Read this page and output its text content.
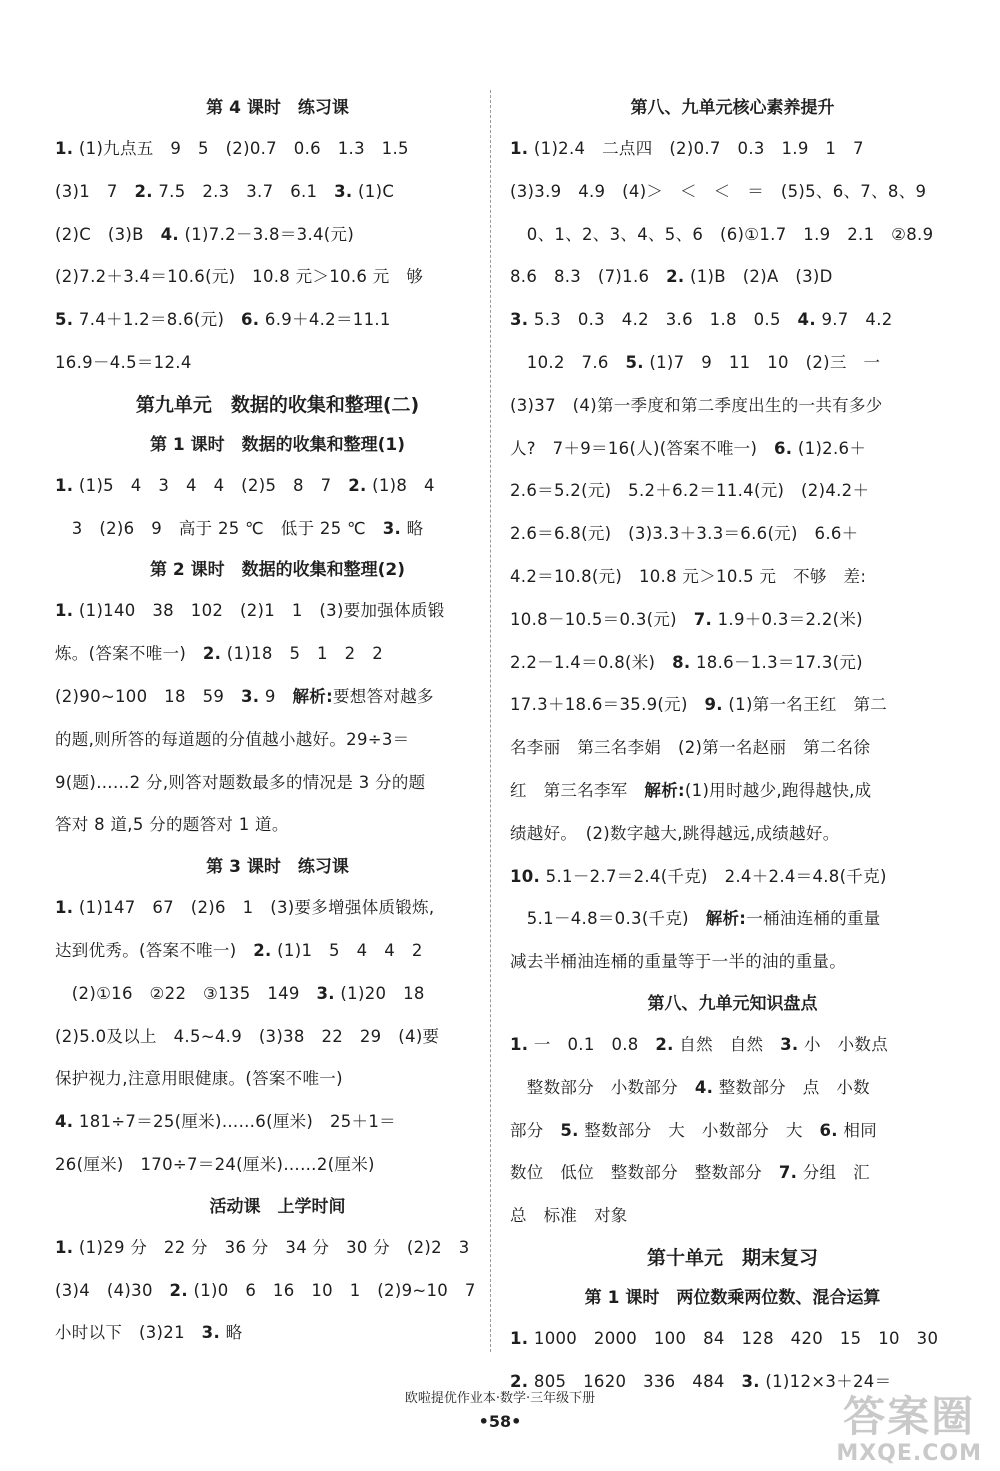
第 4 课时　练习课
1. (1)九点五　9　5　(2)0.7　0.6　1.3　1.5
(3)1　7　2. 7.5　2.3　3.7　6.1　3. (1)C
(2)C　(3)B　4. (1)7.2－3.8＝3.4(元)
(2)7.2＋3.4＝10.6(元)　10.8 元＞10.6 元　够
5. 7.4＋1.2＝8.6(元)　6. 6.9＋4.2＝11.1
16.9－4.5＝12.4
第九单元　数据的收集和整理(二)
第 1 课时　数据的收集和整理(1)
1. (1)5　4　3　4　4　(2)5　8　7　2. (1)8　4
　3　(2)6　9　高于 25 ℃　低于 25 ℃　3. 略
第 2 课时　数据的收集和整理(2)
1. (1)140　38　102　(2)1　1　(3)要加强体质锻
炼。(答案不唯一)　2. (1)18　5　1　2　2
(2)90~100　18　59　3. 9　解析:要想答对越多
的题,则所答的每道题的分值越小越好。29÷3＝
9(题)……2 分,则答对题数最多的情况是 3 分的题
答对 8 道,5 分的题答对 1 道。
第 3 课时　练习课
1. (1)147　67　(2)6　1　(3)要多增强体质锻炼,
达到优秀。(答案不唯一)　2. (1)1　5　4　4　2
　(2)①16　②22　③135　149　3. (1)20　18
(2)5.0及以上　4.5~4.9　(3)38　22　29　(4)要
保护视力,注意用眼健康。(答案不唯一)
4. 181÷7＝25(厘米)……6(厘米)　25＋1＝
26(厘米)　170÷7＝24(厘米)……2(厘米)
活动课　上学时间
1. (1)29 分　22 分　36 分　34 分　30 分　(2)2　3
(3)4　(4)30　2. (1)0　6　16　10　1　(2)9~10　7
小时以下　(3)21　3. 略
第八、九单元核心素养提升
1. (1)2.4　二点四　(2)0.7　0.3　1.9　1　7
(3)3.9　4.9　(4)＞　＜　＜　＝　(5)5、6、7、8、9
　0、1、2、3、4、5、6　(6)①1.7　1.9　2.1　②8.9
8.6　8.3　(7)1.6　2. (1)B　(2)A　(3)D
3. 5.3　0.3　4.2　3.6　1.8　0.5　4. 9.7　4.2
　10.2　7.6　5. (1)7　9　11　10　(2)三　一
(3)37　(4)第一季度和第二季度出生的一共有多少
人?　7＋9＝16(人)(答案不唯一)　6. (1)2.6＋
2.6＝5.2(元)　5.2＋6.2＝11.4(元)　(2)4.2＋
2.6＝6.8(元)　(3)3.3＋3.3＝6.6(元)　6.6＋
4.2＝10.8(元)　10.8 元＞10.5 元　不够　差:
10.8－10.5＝0.3(元)　7. 1.9＋0.3＝2.2(米)
2.2－1.4＝0.8(米)　8. 18.6－1.3＝17.3(元)
17.3＋18.6＝35.9(元)　9. (1)第一名王红　第二
名李丽　第三名李娟　(2)第一名赵丽　第二名徐
红　第三名李军　解析:(1)用时越少,跑得越快,成
绩越好。　(2)数字越大,跳得越远,成绩越好。
10. 5.1－2.7＝2.4(千克)　2.4＋2.4＝4.8(千克)
　5.1－4.8＝0.3(千克)　解析:一桶油连桶的重量
减去半桶油连桶的重量等于一半的油的重量。
第八、九单元知识盘点
1. 一　0.1　0.8　2. 自然　自然　3. 小　小数点
　整数部分　小数部分　4. 整数部分　点　小数
部分　5. 整数部分　大　小数部分　大　6. 相同
数位　低位　整数部分　整数部分　7. 分组　汇
总　标准　对象
第十单元　期末复习
第 1 课时　两位数乘两位数、混合运算
1. 1000　2000　100　84　128　420　15　10　30
2. 805　1620　336　484　3. (1)12×3＋24＝
欧啦提优作业本·数学·三年级下册
•58•	答案圈
MXQE.COM
